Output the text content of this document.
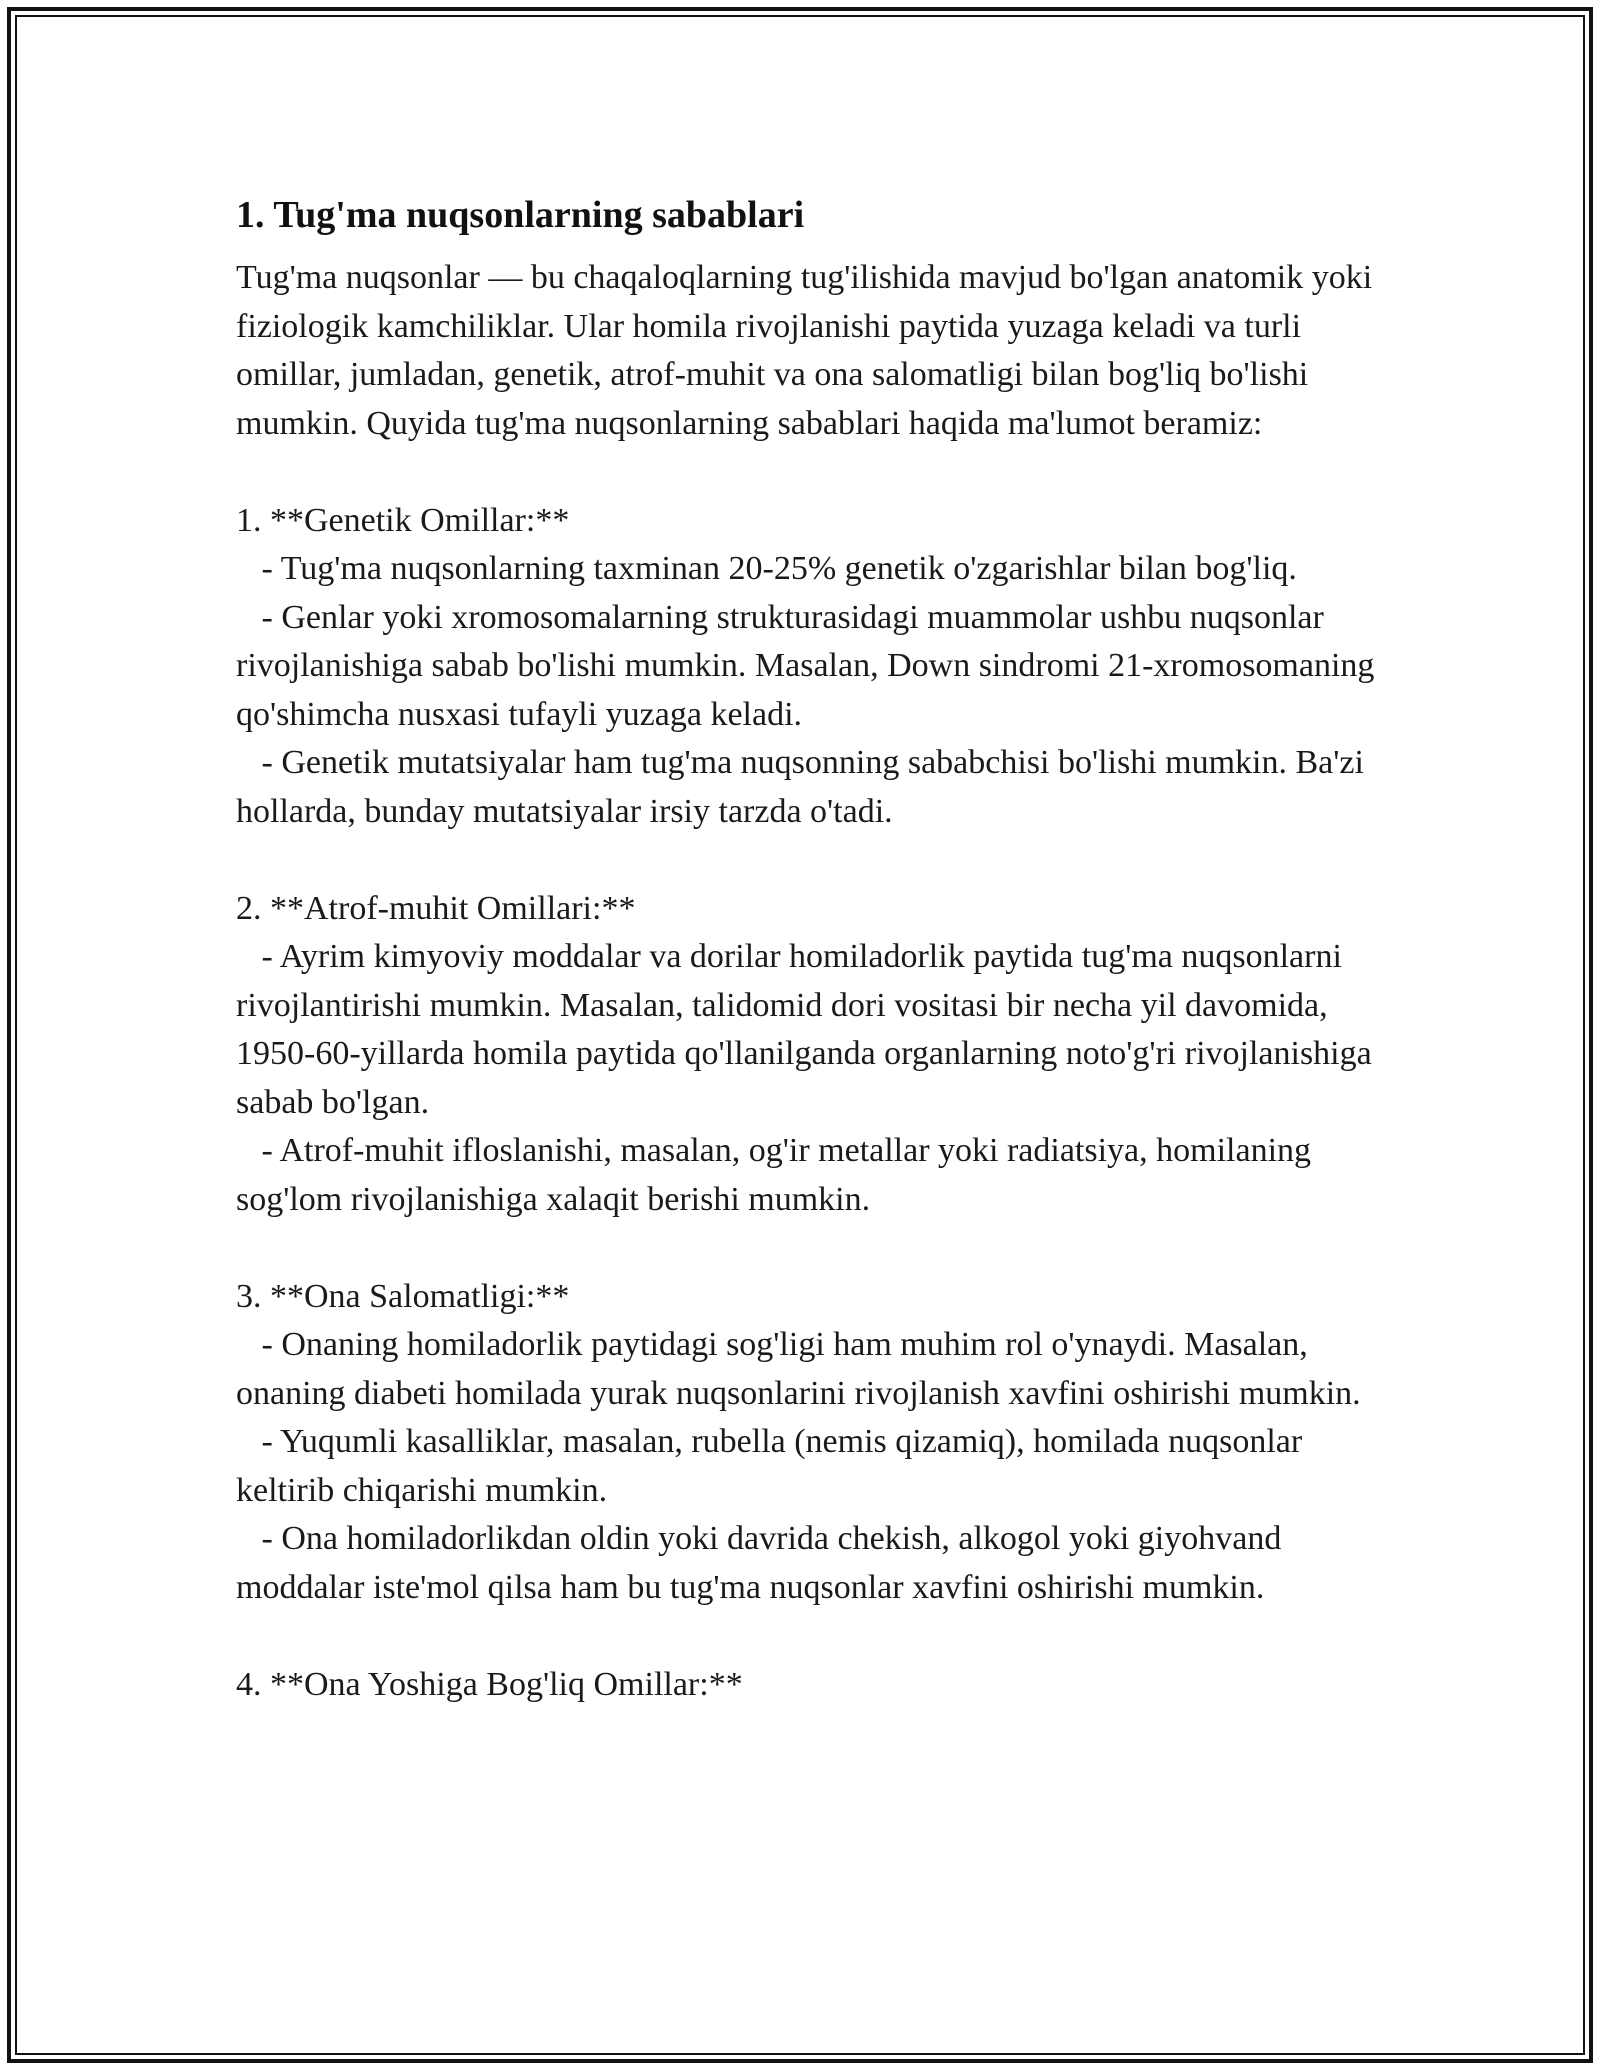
1. Tug'ma nuqsonlarning sabablari

Tug'ma nuqsonlar — bu chaqaloqlarning tug'ilishida mavjud bo'lgan anatomik yoki fiziologik kamchiliklar. Ular homila rivojlanishi paytida yuzaga keladi va turli omillar, jumladan, genetik, atrof-muhit va ona salomatligi bilan bog'liq bo'lishi mumkin. Quyida tug'ma nuqsonlarning sabablari haqida ma'lumot beramiz:

1. **Genetik Omillar:**

- Tug'ma nuqsonlarning taxminan 20-25% genetik o'zgarishlar bilan bog'liq.

- Genlar yoki xromosomalarning strukturasidagi muammolar ushbu nuqsonlar rivojlanishiga sabab bo'lishi mumkin. Masalan, Down sindromi 21-xromosomaning qo'shimcha nusxasi tufayli yuzaga keladi.

- Genetik mutatsiyalar ham tug'ma nuqsonning sababchisi bo'lishi mumkin. Ba'zi hollarda, bunday mutatsiyalar irsiy tarzda o'tadi.

2. **Atrof-muhit Omillari:**

- Ayrim kimyoviy moddalar va dorilar homiladorlik paytida tug'ma nuqsonlarni rivojlantirishi mumkin. Masalan, talidomid dori vositasi bir necha yil davomida, 1950-60-yillarda homila paytida qo'llanilganda organlarning noto'g'ri rivojlanishiga sabab bo'lgan.

- Atrof-muhit ifloslanishi, masalan, og'ir metallar yoki radiatsiya, homilaning sog'lom rivojlanishiga xalaqit berishi mumkin.

3. **Ona Salomatligi:**

- Onaning homiladorlik paytidagi sog'ligi ham muhim rol o'ynaydi. Masalan, onaning diabeti homilada yurak nuqsonlarini rivojlanish xavfini oshirishi mumkin.

- Yuqumli kasalliklar, masalan, rubella (nemis qizamiq), homilada nuqsonlar keltirib chiqarishi mumkin.

- Ona homiladorlikdan oldin yoki davrida chekish, alkogol yoki giyohvand moddalar iste'mol qilsa ham bu tug'ma nuqsonlar xavfini oshirishi mumkin.

4. **Ona Yoshiga Bog'liq Omillar:**
